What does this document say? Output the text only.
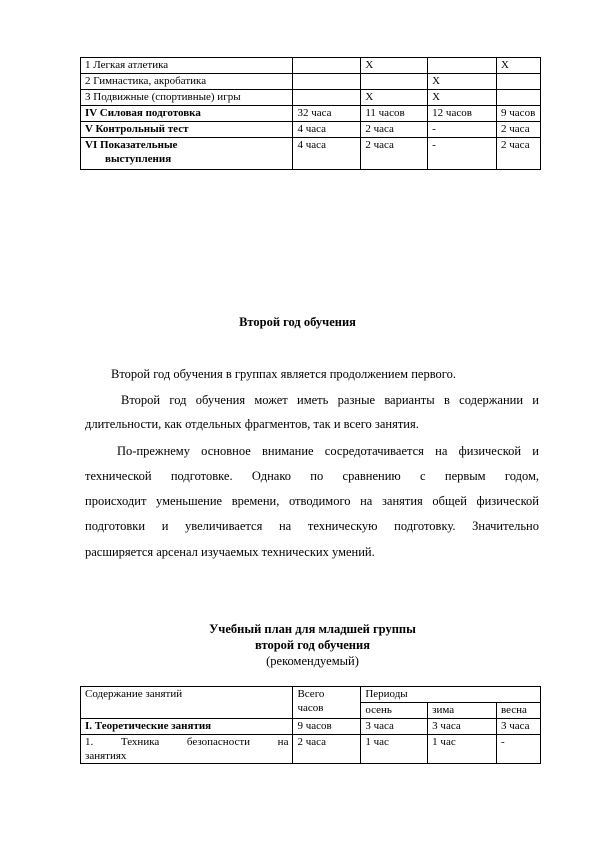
1 Легкая атлетика		X		X
2 Гимнастика, акробатика			X	
3 Подвижные (спортивные) игры		X	X	
IV Силовая подготовка	32 часа	11 часов	12 часов	9 часов
V Контрольный тест	4 часа	2 часа	-	2 часа

VI Показательные
выступления	4 часа	2 часа	-	2 часа

Второй год обучения

Второй год обучения в группах является продолжением первого.

Второй год обучения может иметь разные варианты в содержании и

длительности, как отдельных фрагментов, так и всего занятия.

По-прежнему основное внимание сосредотачивается на физической и

технической подготовке. Однако по сравнению с первым годом,

происходит уменьшение времени, отводимого на занятия общей физической

подготовки и увеличивается на техническую подготовку. Значительно

расширяется арсенал изучаемых технических умений.

Учебный план для младшей группы

второй год обучения

(рекомендуемый)

Содержание занятий	Всего
часов	Периоды		
		осень	зима	весна
I. Теоретические занятия	9 часов	3 часа	3 часа	3 часа

1. Техника безопасности на
занятиях	2 часа	1 час	1 час	-
